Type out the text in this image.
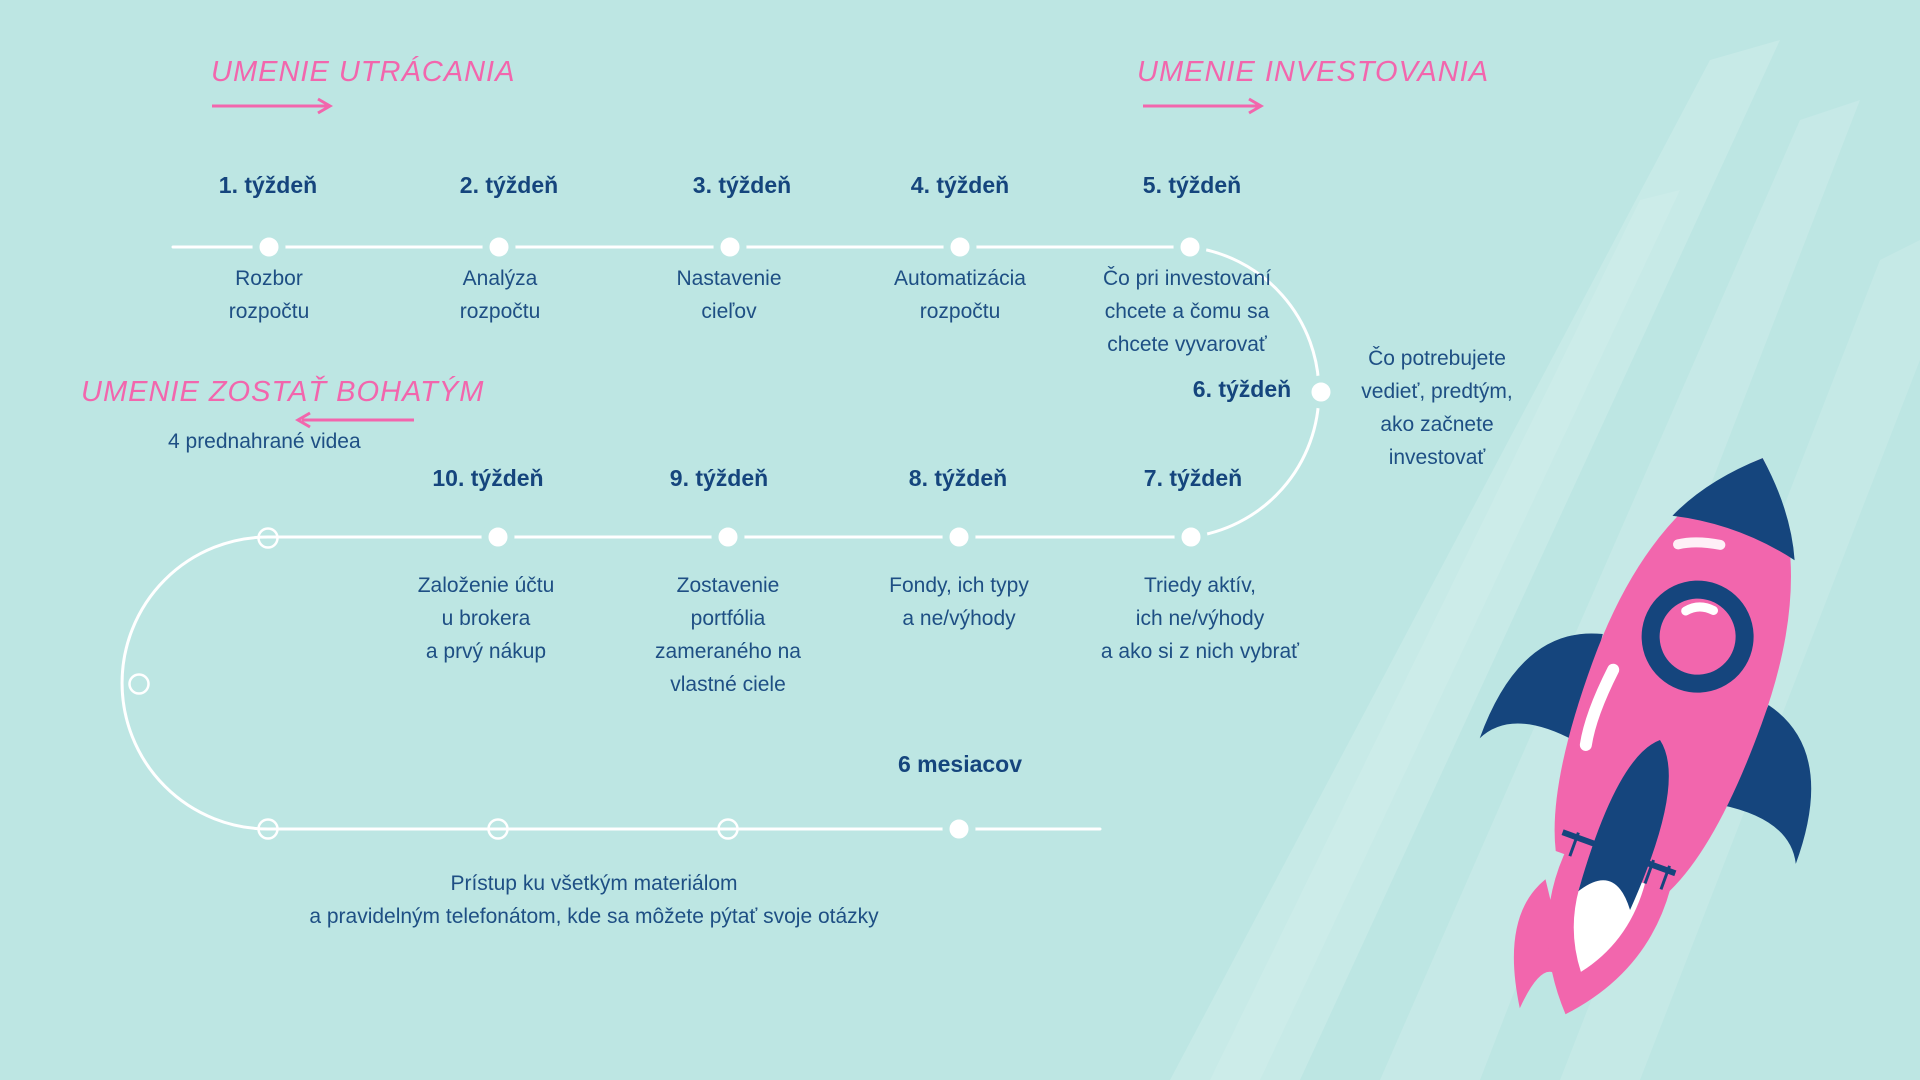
UMENIE UTRÁCANIA	UMENIE INVESTOVANIA
UMENIE ZOSTAŤ BOHATÝM
4 prednahrané videa
1. týždeň	2. týždeň	3. týždeň	4. týždeň	5. týždeň
6. týždeň
7. týždeň
8. týždeň
9. týždeň
10. týždeň
6 mesiacov
Rozbor
rozpočtu
Analýza
rozpočtu
Nastavenie
cieľov
Automatizácia
rozpočtu
Čo pri investovaní
chcete a čomu sa
chcete vyvarovať
Čo potrebujete
vedieť, predtým,
ako začnete
investovať
Triedy aktív,
ich ne/výhody
a ako si z nich vybrať
Fondy, ich typy
a ne/výhody
Zostavenie
portfólia
zameraného na
vlastné ciele
Založenie účtu
u brokera
a prvý nákup
Prístup ku všetkým materiálom
a pravidelným telefonátom, kde sa môžete pýtať svoje otázky
